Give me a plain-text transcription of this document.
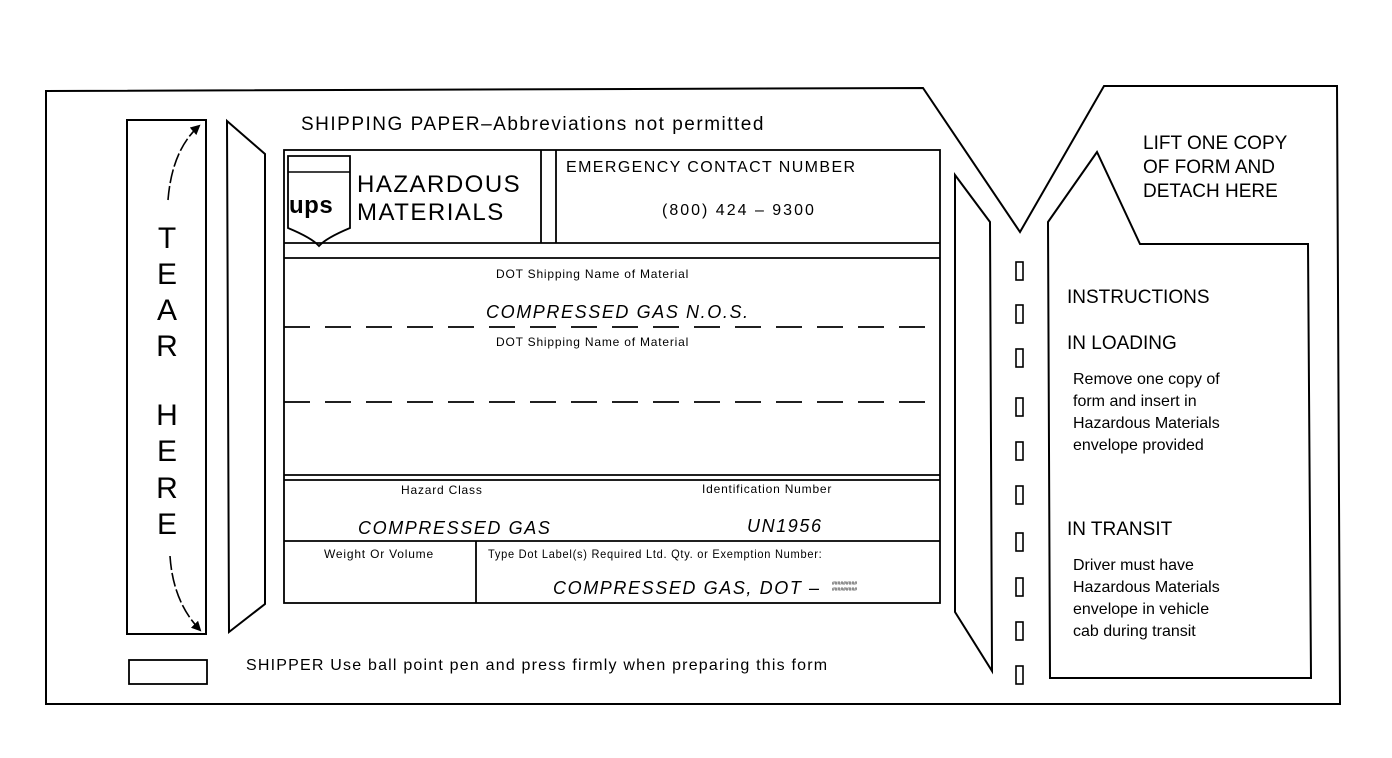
SHIPPING PAPER–Abbreviations not permitted
ups
HAZARDOUS
MATERIALS
EMERGENCY CONTACT NUMBER
(800) 424 – 9300
DOT Shipping Name of Material
COMPRESSED GAS N.O.S.
DOT Shipping Name of Material
Hazard Class
COMPRESSED GAS
Identification Number
UN1956
Weight Or Volume	Type Dot Label(s) Required Ltd. Qty. or Exemption Number:
COMPRESSED GAS, DOT – #########
#########
SHIPPER Use ball point pen and press firmly when preparing this form
T
E
A
R
H
E
R
E
LIFT ONE COPY
OF FORM AND
DETACH HERE
INSTRUCTIONS
IN LOADING
Remove one copy of
form and insert in
Hazardous Materials
envelope provided
IN TRANSIT
Driver must have
Hazardous Materials
envelope in vehicle
cab during transit
